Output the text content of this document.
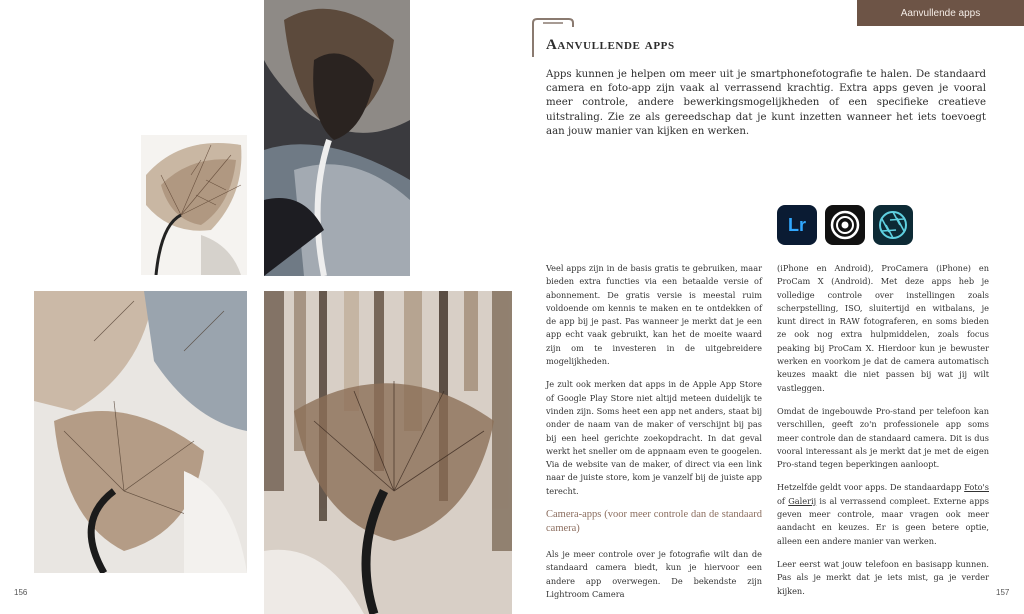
Aanvullende apps
Aanvullende apps
Apps kunnen je helpen om meer uit je smartphonefotografie te halen. De standaard camera en foto-app zijn vaak al verrassend krachtig. Extra apps geven je vooral meer controle, andere bewerkingsmogelijkheden of een specifieke creatieve uitstraling. Zie ze als gereedschap dat je kunt inzetten wanneer het iets toevoegt aan jouw manier van kijken en werken.
Lr

Veel apps zijn in de basis gratis te gebruiken, maar bieden extra functies via een betaalde versie of abonnement. De gratis versie is meestal ruim voldoende om kennis te maken en te ontdekken of de app bij je past. Pas wanneer je merkt dat je een app echt vaak gebruikt, kan het de moeite waard zijn om te investeren in de uitgebreidere mogelijkheden.

Je zult ook merken dat apps in de Apple App Store of Google Play Store niet altijd meteen duidelijk te vinden zijn. Soms heet een app net anders, staat bij onder de naam van de maker of verschijnt bij pas bij een heel gerichte zoekopdracht. In dat geval werkt het sneller om de appnaam even te googelen. Via de website van de maker, of direct via een link naar de juiste store, kom je vanzelf bij de juiste app terecht.

Camera-apps (voor meer controle dan de standaard camera)

Als je meer controle over je fotografie wilt dan de standaard camera biedt, kun je hiervoor een andere app overwegen. De bekendste zijn Lightroom Camera

(iPhone en Android), ProCamera (iPhone) en ProCam X (Android). Met deze apps heb je volledige controle over instellingen zoals scherpstelling, ISO, sluitertijd en witbalans, je kunt direct in RAW fotograferen, en soms bieden ze ook nog extra hulpmiddelen, zoals focus peaking bij ProCam X. Hierdoor kun je bewuster werken en voorkom je dat de camera automatisch keuzes maakt die niet passen bij wat jij wilt vastleggen.

Omdat de ingebouwde Pro-stand per telefoon kan verschillen, geeft zo'n professionele app soms meer controle dan de standaard camera. Dit is dus vooral interessant als je merkt dat je met de eigen Pro-stand tegen beperkingen aanloopt.

Hetzelfde geldt voor apps. De standaardapp Foto's of Galerij is al verrassend compleet. Externe apps geven meer controle, maar vragen ook meer aandacht en keuzes. Er is geen betere optie, alleen een andere manier van werken.

Leer eerst wat jouw telefoon en basisapp kunnen. Pas als je merkt dat je iets mist, ga je verder kijken.

156	157
